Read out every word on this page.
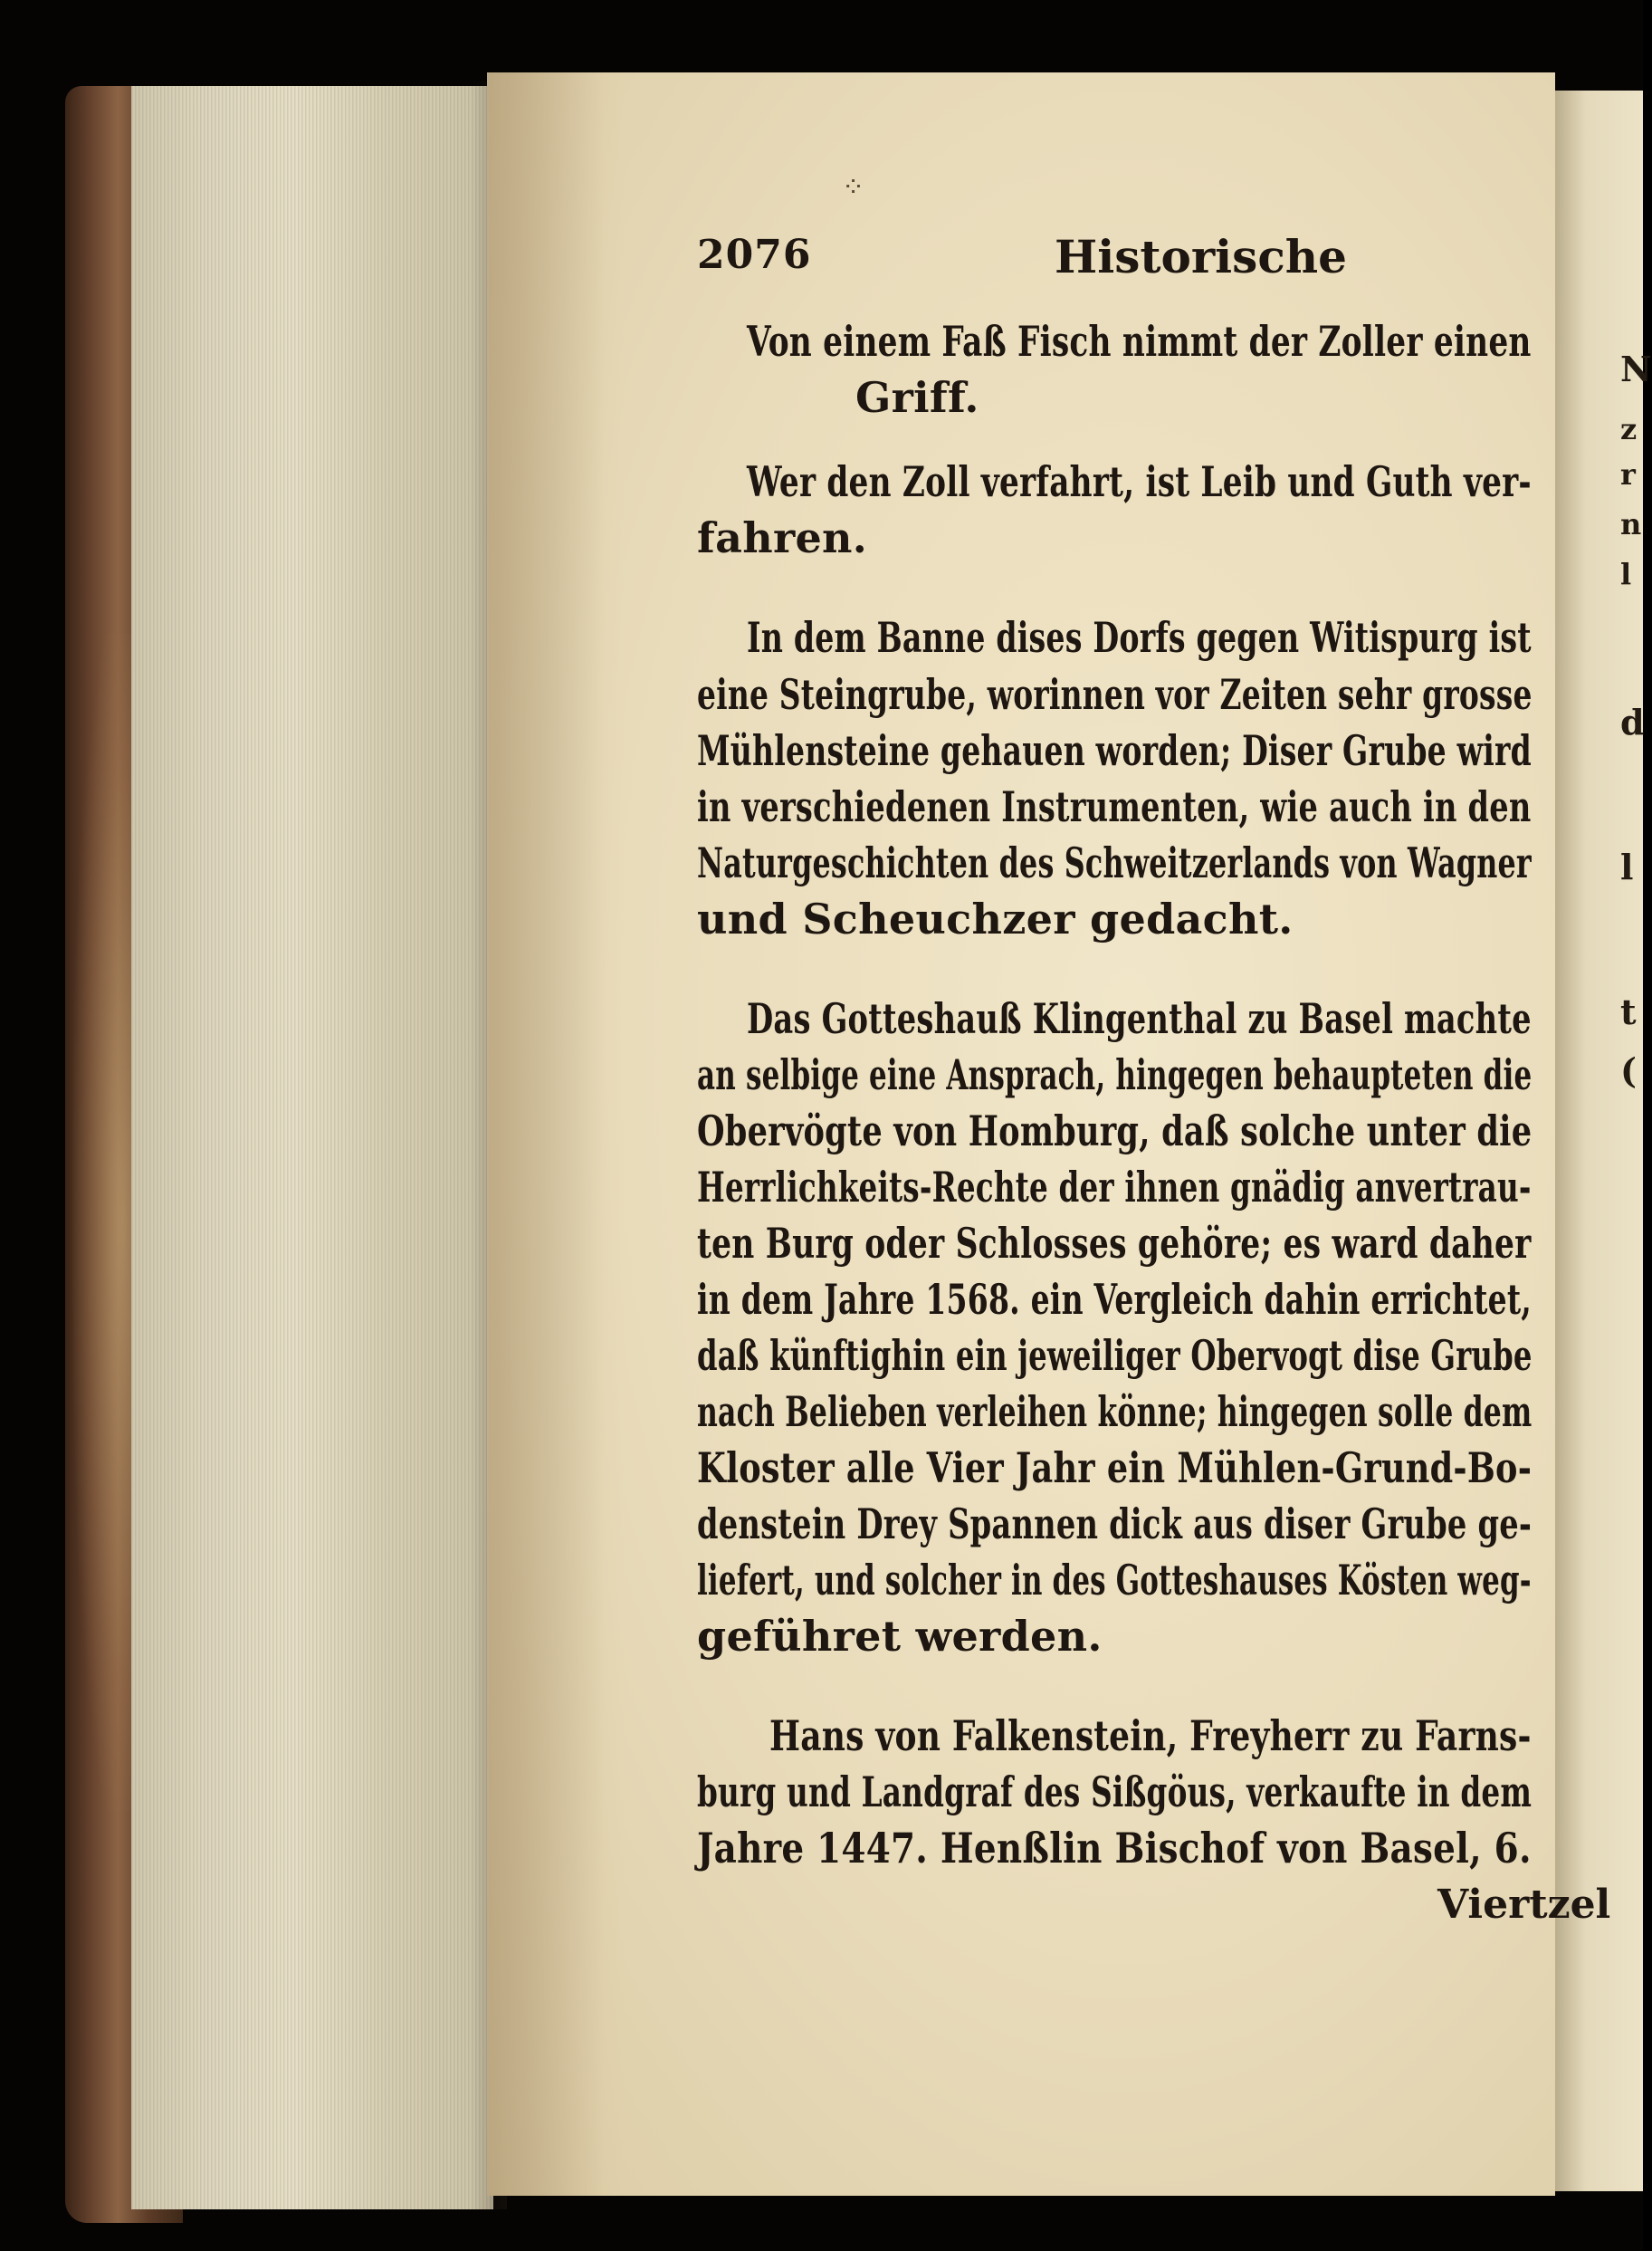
N
z
r
n
l
d
l
t
(
⁘
2076	Historische
Von einem Faß Fisch nimmt der Zoller einen
Griff.
Wer den Zoll verfahrt, ist Leib und Guth ver-
fahren.
In dem Banne dises Dorfs gegen Witispurg ist
eine Steingrube, worinnen vor Zeiten sehr grosse
Mühlensteine gehauen worden; Diser Grube wird
in verschiedenen Instrumenten, wie auch in den
Naturgeschichten des Schweitzerlands von Wagner
und Scheuchzer gedacht.
Das Gotteshauß Klingenthal zu Basel machte
an selbige eine Ansprach, hingegen behaupteten die
Obervögte von Homburg, daß solche unter die
Herrlichkeits-Rechte der ihnen gnädig anvertrau-
ten Burg oder Schlosses gehöre; es ward daher
in dem Jahre 1568. ein Vergleich dahin errichtet,
daß künftighin ein jeweiliger Obervogt dise Grube
nach Belieben verleihen könne; hingegen solle dem
Kloster alle Vier Jahr ein Mühlen-Grund-Bo-
denstein Drey Spannen dick aus diser Grube ge-
liefert, und solcher in des Gotteshauses Kösten weg-
geführet werden.
Hans von Falkenstein, Freyherr zu Farns-
burg und Landgraf des Sißgöus, verkaufte in dem
Jahre 1447. Henßlin Bischof von Basel, 6.
Viertzel
